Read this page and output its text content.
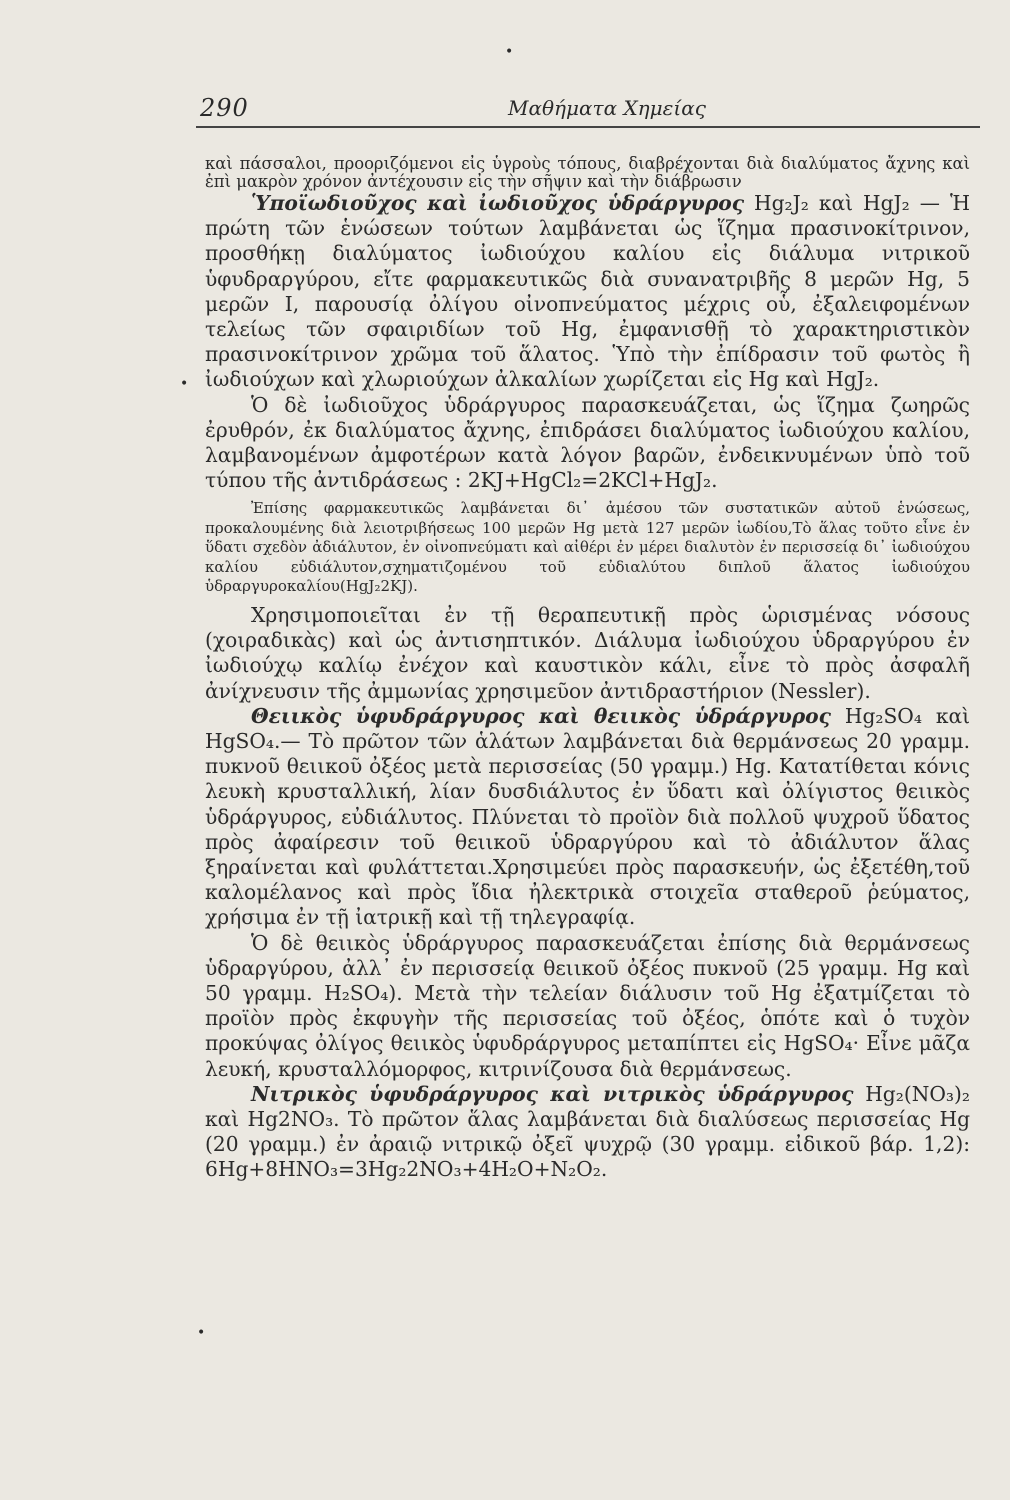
290	Μαθήματα Χημείας

καὶ πάσσαλοι, προοριζόμενοι εἰς ὑγροὺς τόπους, διαβρέχονται διὰ διαλύματος ἄχνης καὶ ἐπὶ μακρὸν χρόνον ἀντέχουσιν εἰς τὴν σῆψιν καὶ τὴν διάβρωσιν

Ὑποϊωδιοῦχος καὶ ἰωδιοῦχος ὑδράργυρος Hg₂J₂ καὶ HgJ₂ — Ἡ πρώτη τῶν ἑνώσεων τούτων λαμβάνεται ὡς ἵζημα πρασινοκίτρινον, προσθήκῃ διαλύματος ἰωδιούχου καλίου εἰς διάλυμα νιτρικοῦ ὑφυδραργύρου, εἴτε φαρμακευτικῶς διὰ συνανατριβῆς 8 μερῶν Hg, 5 μερῶν I, παρουσίᾳ ὀλίγου οἰνοπνεύματος μέχρις οὗ, ἐξαλειφομένων τελείως τῶν σφαιριδίων τοῦ Hg, ἐμφανισθῇ τὸ χαρακτηριστικὸν πρασινοκίτρινον χρῶμα τοῦ ἅλατος. Ὑπὸ τὴν ἐπίδρασιν τοῦ φωτὸς ἢ ἰωδιούχων καὶ χλωριούχων ἀλκαλίων χωρίζεται εἰς Hg καὶ HgJ₂.

Ὁ δὲ ἰωδιοῦχος ὑδράργυρος παρασκευάζεται, ὡς ἵζημα ζωηρῶς ἐρυθρόν, ἐκ διαλύματος ἄχνης, ἐπιδράσει διαλύματος ἰωδιούχου καλίου, λαμβανομένων ἀμφοτέρων κατὰ λόγον βαρῶν, ἐνδεικνυμένων ὑπὸ τοῦ τύπου τῆς ἀντιδράσεως : 2KJ+HgCl₂=2KCl+HgJ₂.

Ἐπίσης φαρμακευτικῶς λαμβάνεται δι᾽ ἀμέσου τῶν συστατικῶν αὐτοῦ ἑνώσεως, προκαλουμένης διὰ λειοτριβήσεως 100 μερῶν Hg μετὰ 127 μερῶν ἰωδίου,Τὸ ἅλας τοῦτο εἶνε ἐν ὕδατι σχεδὸν ἀδιάλυτον, ἐν οἰνοπνεύματι καὶ αἰθέρι ἐν μέρει διαλυτὸν ἐν περισσείᾳ δι᾽ ἰωδιούχου καλίου εὐδιάλυτον,σχηματιζομένου τοῦ εὐδιαλύτου διπλοῦ ἅλατος ἰωδιούχου ὑδραργυροκαλίου(HgJ₂2KJ).

Χρησιμοποιεῖται ἐν τῇ θεραπευτικῇ πρὸς ὡρισμένας νόσους (χοιραδικὰς) καὶ ὡς ἀντισηπτικόν. Διάλυμα ἰωδιούχου ὑδραργύρου ἐν ἰωδιούχῳ καλίῳ ἐνέχον καὶ καυστικὸν κάλι, εἶνε τὸ πρὸς ἀσφαλῆ ἀνίχνευσιν τῆς ἀμμωνίας χρησιμεῦον ἀντιδραστήριον (Nessler).

Θειικὸς ὑφυδράργυρος καὶ θειικὸς ὑδράργυρος Hg₂SO₄ καὶ HgSO₄.— Τὸ πρῶτον τῶν ἁλάτων λαμβάνεται διὰ θερμάνσεως 20 γραμμ. πυκνοῦ θειικοῦ ὀξέος μετὰ περισσείας (50 γραμμ.) Hg. Κατατίθεται κόνις λευκὴ κρυσταλλική, λίαν δυσδιάλυτος ἐν ὕδατι καὶ ὀλίγιστος θειικὸς ὑδράργυρος, εὐδιάλυτος. Πλύνεται τὸ προϊὸν διὰ πολλοῦ ψυχροῦ ὕδατος πρὸς ἀφαίρεσιν τοῦ θειικοῦ ὑδραργύρου καὶ τὸ ἀδιάλυτον ἅλας ξηραίνεται καὶ φυλάττεται.Χρησιμεύει πρὸς παρασκευήν, ὡς ἐξετέθη,τοῦ καλομέλανος καὶ πρὸς ἴδια ἠλεκτρικὰ στοιχεῖα σταθεροῦ ῥεύματος, χρήσιμα ἐν τῇ ἰατρικῇ καὶ τῇ τηλεγραφίᾳ.

Ὁ δὲ θειικὸς ὑδράργυρος παρασκευάζεται ἐπίσης διὰ θερμάνσεως ὑδραργύρου, ἀλλ᾽ ἐν περισσείᾳ θειικοῦ ὀξέος πυκνοῦ (25 γραμμ. Hg καὶ 50 γραμμ. H₂SO₄). Μετὰ τὴν τελείαν διάλυσιν τοῦ Hg ἐξατμίζεται τὸ προϊὸν πρὸς ἐκφυγὴν τῆς περισσείας τοῦ ὀξέος, ὁπότε καὶ ὁ τυχὸν προκύψας ὀλίγος θειικὸς ὑφυδράργυρος μεταπίπτει εἰς HgSO₄· Εἶνε μᾶζα λευκή, κρυσταλλόμορφος, κιτρινίζουσα διὰ θερμάνσεως.

Νιτρικὸς ὑφυδράργυρος καὶ νιτρικὸς ὑδράργυρος Hg₂(NO₃)₂ καὶ Hg2NO₃. Τὸ πρῶτον ἅλας λαμβάνεται διὰ διαλύσεως περισσείας Hg (20 γραμμ.) ἐν ἀραιῷ νιτρικῷ ὀξεῖ ψυχρῷ (30 γραμμ. εἰδικοῦ βάρ. 1,2): 6Hg+8HNO₃=3Hg₂2NO₃+4H₂O+N₂O₂.

•
•
•
